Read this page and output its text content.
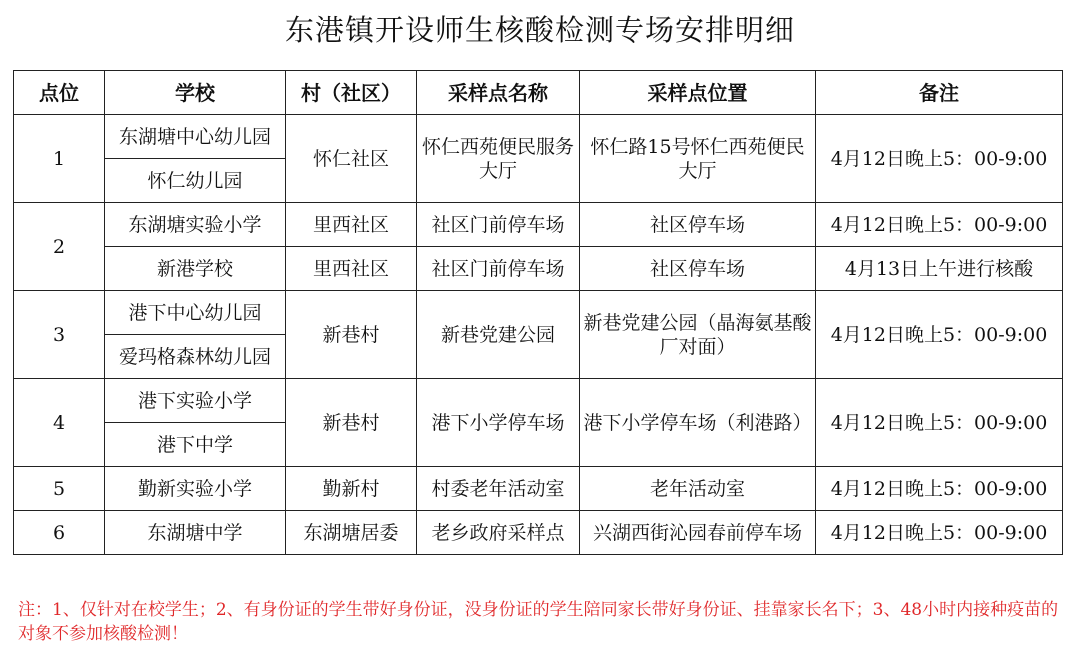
东港镇开设师生核酸检测专场安排明细
点位	学校	村（社区）	采样点名称	采样点位置	备注
1	东湖塘中心幼儿园	怀仁社区	怀仁西苑便民服务大厅	怀仁路15号怀仁西苑便民大厅	4月12日晚上5：00-9:00
	怀仁幼儿园				
2	东湖塘实验小学	里西社区	社区门前停车场	社区停车场	4月12日晚上5：00-9:00
	新港学校	里西社区	社区门前停车场	社区停车场	4月13日上午进行核酸
3	港下中心幼儿园	新巷村	新巷党建公园	新巷党建公园（晶海氨基酸厂对面）	4月12日晚上5：00-9:00
	爱玛格森林幼儿园				
4	港下实验小学	新巷村	港下小学停车场	港下小学停车场（利港路）	4月12日晚上5：00-9:00
	港下中学				
5	勤新实验小学	勤新村	村委老年活动室	老年活动室	4月12日晚上5：00-9:00
6	东湖塘中学	东湖塘居委	老乡政府采样点	兴湖西街沁园春前停车场	4月12日晚上5：00-9:00
注：1、仅针对在校学生；2、有身份证的学生带好身份证，没身份证的学生陪同家长带好身份证、挂靠家长名下；3、48小时内接种疫苗的对象不参加核酸检测！
